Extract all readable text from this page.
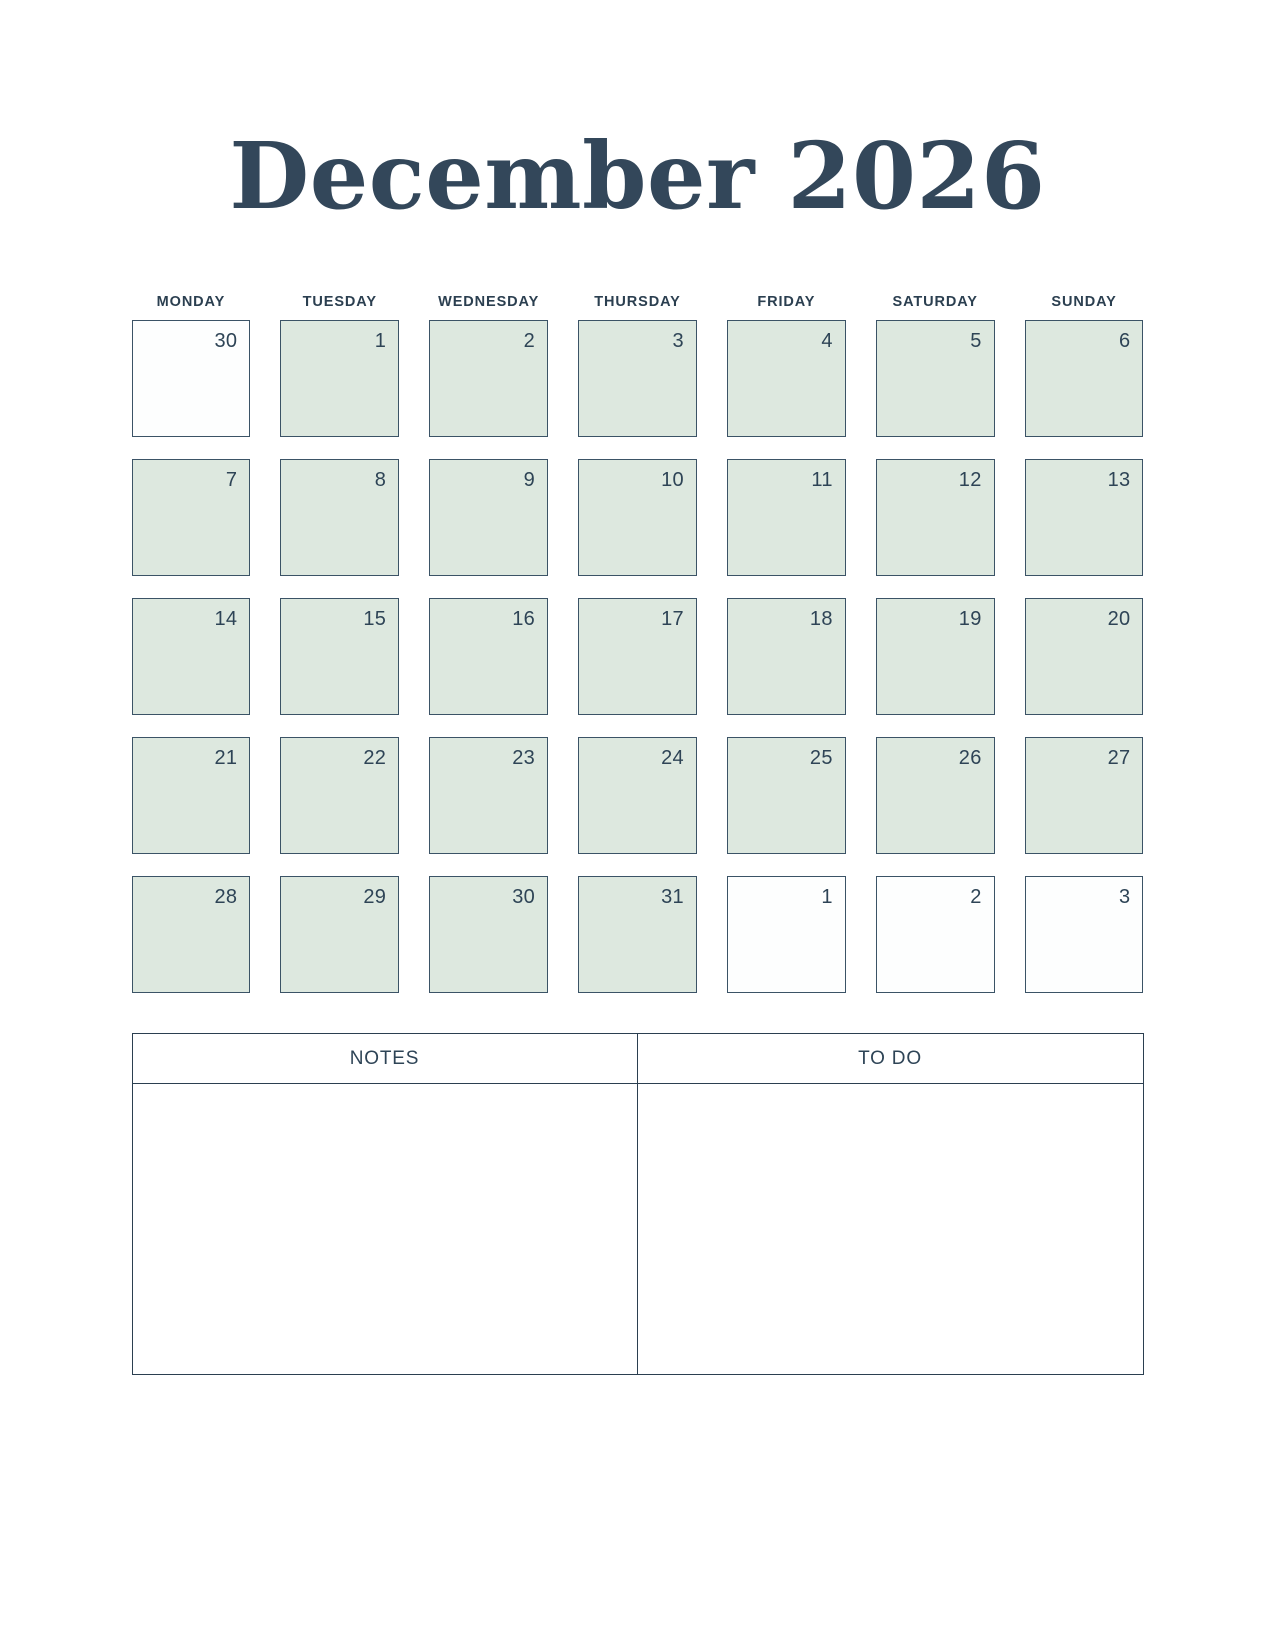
December 2026
MONDAY	TUESDAY	WEDNESDAY	THURSDAY	FRIDAY	SATURDAY	SUNDAY
30	1	2	3	4	5	6
7	8	9	10	11	12	13
14	15	16	17	18	19	20
21	22	23	24	25	26	27
28	29	30	31	1	2	3
NOTES	TO DO
